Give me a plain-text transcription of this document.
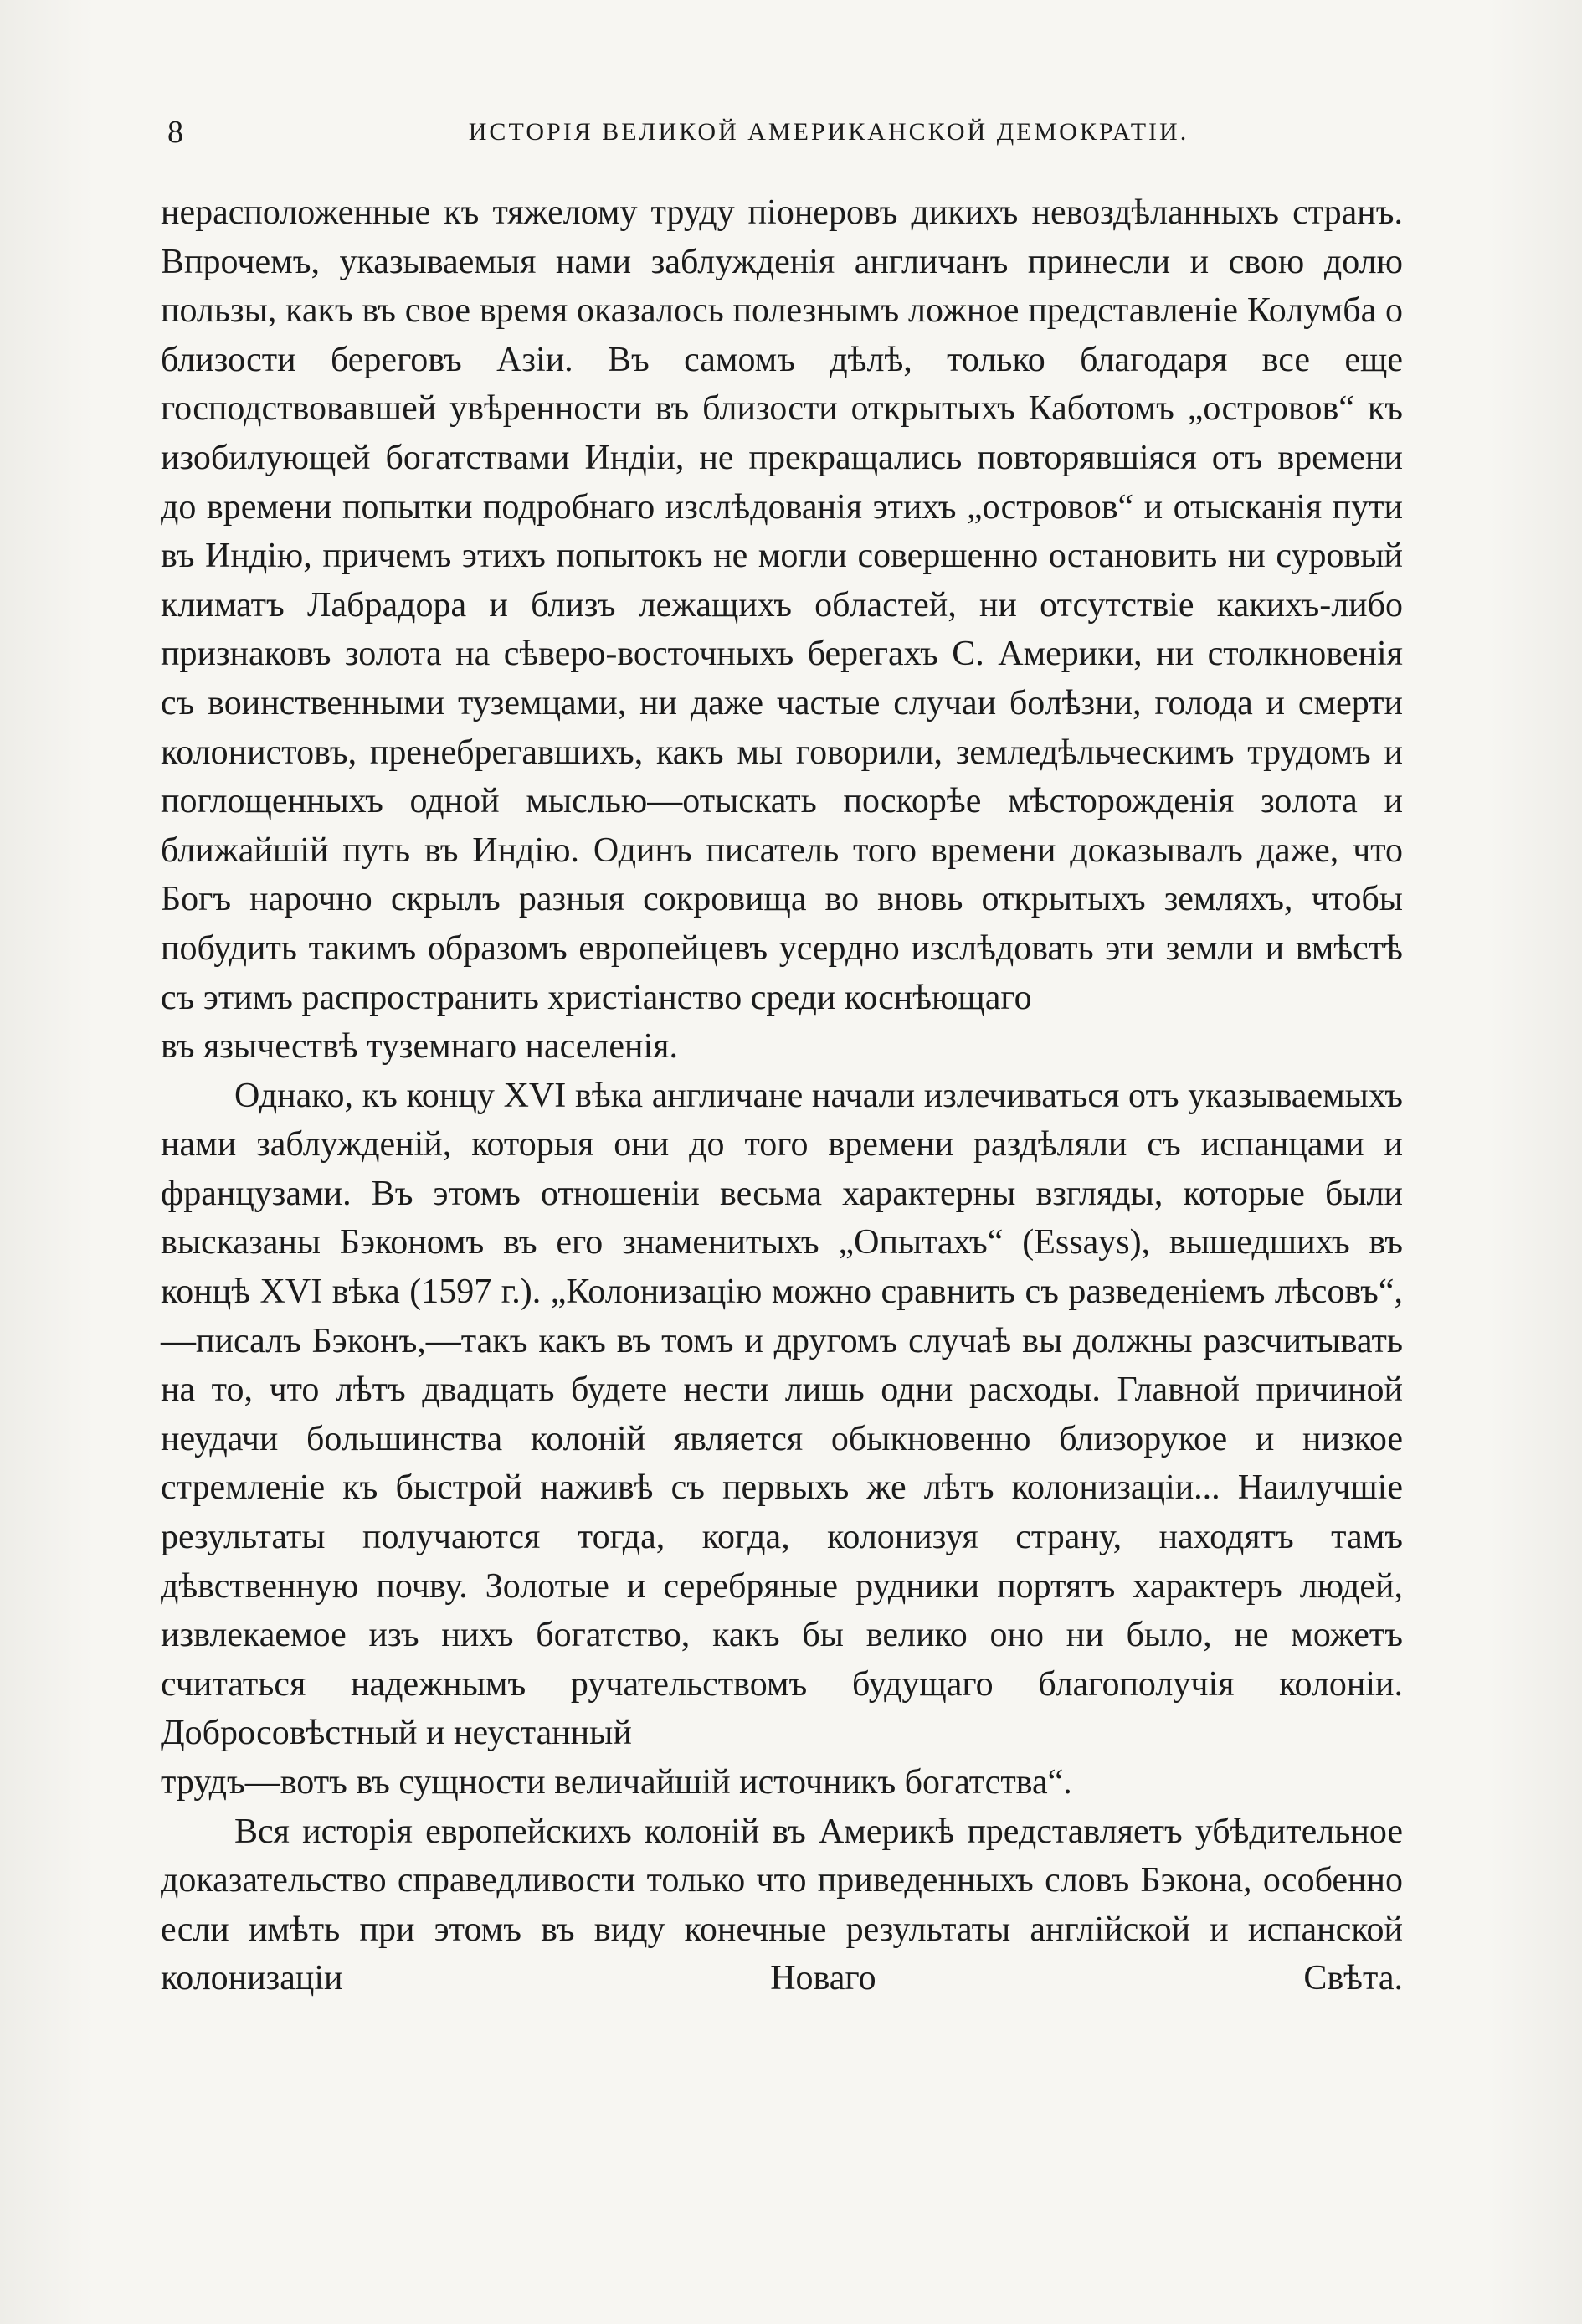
8	ИСТОРІЯ ВЕЛИКОЙ АМЕРИКАНСКОЙ ДЕМОКРАТІИ.

нерасположенные къ тяжелому труду піонеровъ дикихъ невоздѣланныхъ странъ. Впрочемъ, указываемыя нами заблужденія англичанъ принесли и свою долю пользы, какъ въ свое время оказалось полезнымъ ложное представленіе Колумба о близости береговъ Азіи. Въ самомъ дѣлѣ, только благодаря все еще господствовавшей увѣренности въ близости открытыхъ Каботомъ „островов“ къ изобилующей богатствами Индіи, не прекращались повторявшіяся отъ времени до времени попытки подробнаго изслѣдованія этихъ „островов“ и отысканія пути въ Индію, причемъ этихъ попытокъ не могли совершенно остановить ни суровый климатъ Лабрадора и близъ лежащихъ областей, ни отсутствіе какихъ-либо признаковъ золота на сѣверо-восточныхъ берегахъ С. Америки, ни столкновенія съ воинственными туземцами, ни даже частые случаи болѣзни, голода и смерти колонистовъ, пренебрегавшихъ, какъ мы говорили, земледѣльческимъ трудомъ и поглощенныхъ одной мыслью—отыскать поскорѣе мѣсторожденія золота и ближайшій путь въ Индію. Одинъ писатель того времени доказывалъ даже, что Богъ нарочно скрылъ разныя сокровища во вновь открытыхъ земляхъ, чтобы побудить такимъ образомъ европейцевъ усердно изслѣдовать эти земли и вмѣстѣ съ этимъ распространить христіанство среди коснѣющаго
въ язычествѣ туземнаго населенія.

Однако, къ концу XVI вѣка англичане начали излечиваться отъ указываемыхъ нами заблужденій, которыя они до того времени раздѣляли съ испанцами и французами. Въ этомъ отношеніи весьма характерны взгляды, которые были высказаны Бэкономъ въ его знаменитыхъ „Опытахъ“ (Essays), вышедшихъ въ концѣ XVI вѣка (1597 г.). „Колонизацію можно сравнить съ разведеніемъ лѣсовъ“,—писалъ Бэконъ,—такъ какъ въ томъ и другомъ случаѣ вы должны разсчитывать на то, что лѣтъ двадцать будете нести лишь одни расходы. Главной причиной неудачи большинства колоній является обыкновенно близорукое и низкое стремленіе къ быстрой наживѣ съ первыхъ же лѣтъ колонизаціи... Наилучшіе результаты получаются тогда, когда, колонизуя страну, находятъ тамъ дѣвственную почву. Золотые и серебряные рудники портятъ характеръ людей, извлекаемое изъ нихъ богатство, какъ бы велико оно ни было, не можетъ считаться надежнымъ ручательствомъ будущаго благополучія колоніи. Добросовѣстный и неустанный
трудъ—вотъ въ сущности величайшій источникъ богатства“.

Вся исторія европейскихъ колоній въ Америкѣ представляетъ убѣдительное доказательство справедливости только что приведенныхъ словъ Бэкона, особенно если имѣть при этомъ въ виду конечные результаты англійской и испанской колонизаціи Новаго Свѣта.
